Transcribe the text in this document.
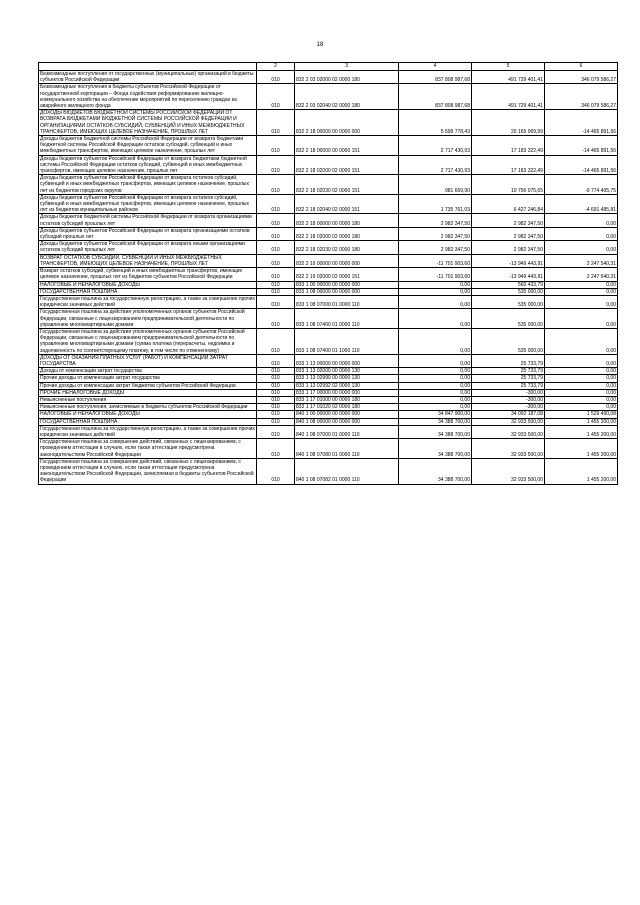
18
	2	3	4	5	6
Безвозмездные поступления от государственных (муниципальных) организаций в бюджеты субъектов Российской Федерации	010	832 2 03 02000 02 0000 180	837 808 987,68	491 729 401,41	346 079 586,27
Безвозмездные поступления в бюджеты субъектов Российской Федерации от государственной корпорации – Фонда содействия реформированию жилищно-коммунального хозяйства на обеспечение мероприятий по переселению граждан из аварийного жилищного фонда	010	832 2 03 02040 02 0000 180	837 808 987,68	491 729 401,41	346 079 586,27
ДОХОДЫ БЮДЖЕТОВ БЮДЖЕТНОЙ СИСТЕМЫ РОССИЙСКОЙ ФЕДЕРАЦИИ ОТ ВОЗВРАТА БЮДЖЕТАМИ БЮДЖЕТНОЙ СИСТЕМЫ РОССИЙСКОЙ ФЕДЕРАЦИИ И ОРГАНИЗАЦИЯМИ ОСТАТКОВ СУБСИДИЙ, СУБВЕНЦИЙ И ИНЫХ МЕЖБЮДЖЕТНЫХ ТРАНСФЕРТОВ, ИМЕЮЩИХ ЦЕЛЕВОЕ НАЗНАЧЕНИЕ, ПРОШЛЫХ ЛЕТ	010	832 2 18 00000 00 0000 000	5 699 778,43	20 165 969,99	-14 465 891,56
Доходы бюджетов бюджетной системы Российской Федерации от возврата бюджетами бюджетной системы Российской Федерации остатков субсидий, субвенций и иных межбюджетных трансфертов, имеющих целевое назначение, прошлых лет	010	832 2 18 00000 00 0000 151	2 717 430,93	17 183 322,49	-14 465 891,56
Доходы бюджетов субъектов Российской Федерации от возврата бюджетами бюджетной системы Российской Федерации остатков субсидий, субвенций и иных межбюджетных трансфертов, имеющих целевое назначение, прошлых лет	010	832 2 18 02000 02 0000 151	2 717 430,93	17 183 322,49	-14 465 891,56
Доходы бюджетов субъектов Российской Федерации от возврата остатков субсидий, субвенций и иных межбюджетных трансфертов, имеющих целевое назначение, прошлых лет из бюджетов городских округов	010	832 2 18 02030 02 0000 151	981 669,90	10 756 075,65	-9 774 405,75
Доходы бюджетов субъектов Российской Федерации от возврата остатков субсидий, субвенций и иных межбюджетных трансфертов, имеющих целевое назначение, прошлых лет из бюджетов муниципальных районов	010	832 2 18 02040 02 0000 151	1 735 761,03	6 427 246,84	-4 691 485,81
Доходы бюджетов бюджетной системы Российской Федерации от возврата организациями остатков субсидий прошлых лет	010	832 2 18 00000 00 0000 180	2 982 347,50	2 982 347,50	0,00
Доходы бюджетов субъектов Российской Федерации от возврата организациями остатков субсидий прошлых лет	010	832 2 18 02000 02 0000 180	2 982 347,50	2 982 347,50	0,00
Доходы бюджетов субъектов Российской Федерации от возврата иными организациями остатков субсидий прошлых лет	010	832 2 18 02030 02 0000 180	2 982 347,50	2 982 347,50	0,00
ВОЗВРАТ ОСТАТКОВ СУБСИДИЙ, СУБВЕНЦИЙ И ИНЫХ МЕЖБЮДЖЕТНЫХ ТРАНСФЕРТОВ, ИМЕЮЩИХ ЦЕЛЕВОЕ НАЗНАЧЕНИЕ, ПРОШЛЫХ ЛЕТ	010	832 2 19 00000 00 0000 000	-11 701 903,60	-13 949 443,91	2 247 540,31
Возврат остатков субсидий, субвенций и иных межбюджетных трансфертов, имеющих целевое назначение, прошлых лет из бюджетов субъектов Российской Федерации	010	832 2 19 02000 02 0000 151	-11 701 903,60	-13 949 443,91	2 247 540,31
НАЛОГОВЫЕ И НЕНАЛОГОВЫЕ ДОХОДЫ	010	833 1 00 00000 00 0000 000	0,00	560 433,79	0,00
ГОСУДАРСТВЕННАЯ ПОШЛИНА	010	833 1 08 00000 00 0000 000	0,00	535 000,00	0,00
Государственная пошлина за государственную регистрацию, а также за совершение прочих юридически значимых действий	010	833 1 08 07000 01 0000 110	0,00	535 000,00	0,00
Государственная пошлина за действия уполномоченных органов субъектов Российской Федерации, связанные с лицензированием предпринимательской деятельности по управлению многоквартирными домами	010	833 1 08 07400 01 0000 110	0,00	535 000,00	0,00
Государственная пошлина за действия уполномоченных органов субъектов Российской Федерации, связанные с лицензированием предпринимательской деятельности по управлению многоквартирными домами (сумма платежа (перерасчеты, недоимка и задолженность по соответствующему платежу, в том числе по отмененному)	010	833 1 08 07400 01 1000 110	0,00	535 000,00	0,00
ДОХОДЫ ОТ ОКАЗАНИЯ ПЛАТНЫХ УСЛУГ (РАБОТ) И КОМПЕНСАЦИИ ЗАТРАТ ГОСУДАРСТВА	010	833 1 13 00000 00 0000 000	0,00	25 733,79	0,00
Доходы от компенсации затрат государства	010	833 1 13 02000 00 0000 130	0,00	25 733,79	0,00
Прочие доходы от компенсации затрат государства	010	833 1 13 02990 00 0000 130	0,00	25 733,79	0,00
Прочие доходы от компенсации затрат бюджетов субъектов Российской Федерации	010	833 1 13 02992 02 0000 130	0,00	25 733,79	0,00
ПРОЧИЕ НЕНАЛОГОВЫЕ ДОХОДЫ	010	833 1 17 00000 00 0000 000	0,00	-300,00	0,00
Невыясненные поступления	010	833 1 17 01000 00 0000 180	0,00	-300,00	0,00
Невыясненные поступления, зачисляемые в бюджеты субъектов Российской Федерации	010	833 1 17 01020 02 0000 180	0,00	-300,00	0,00
НАЛОГОВЫЕ И НЕНАЛОГОВЫЕ ДОХОДЫ	010	840 1 00 00000 00 0000 000	34 847 900,00	34 092 187,08	1 529 490,08
ГОСУДАРСТВЕННАЯ ПОШЛИНА	010	840 1 08 00000 00 0000 000	34 388 700,00	32 933 500,00	1 455 200,00
Государственная пошлина за государственную регистрацию, а также за совершение прочих юридически значимых действий	010	840 1 08 07000 01 0000 110	34 388 700,00	32 933 500,00	1 455 200,00
Государственная пошлина за совершение действий, связанных с лицензированием, с проведением аттестации в случаях, если такая аттестация предусмотрена законодательством Российской Федерации	010	840 1 08 07080 01 0000 110	34 388 700,00	32 933 500,00	1 455 200,00
Государственная пошлина за совершение действий, связанных с лицензированием, с проведением аттестации в случаях, если такая аттестация предусмотрена законодательством Российской Федерации, зачисляемая в бюджеты субъектов Российской Федерации	010	840 1 08 07082 01 0000 110	34 388 700,00	32 933 500,00	1 455 200,00
